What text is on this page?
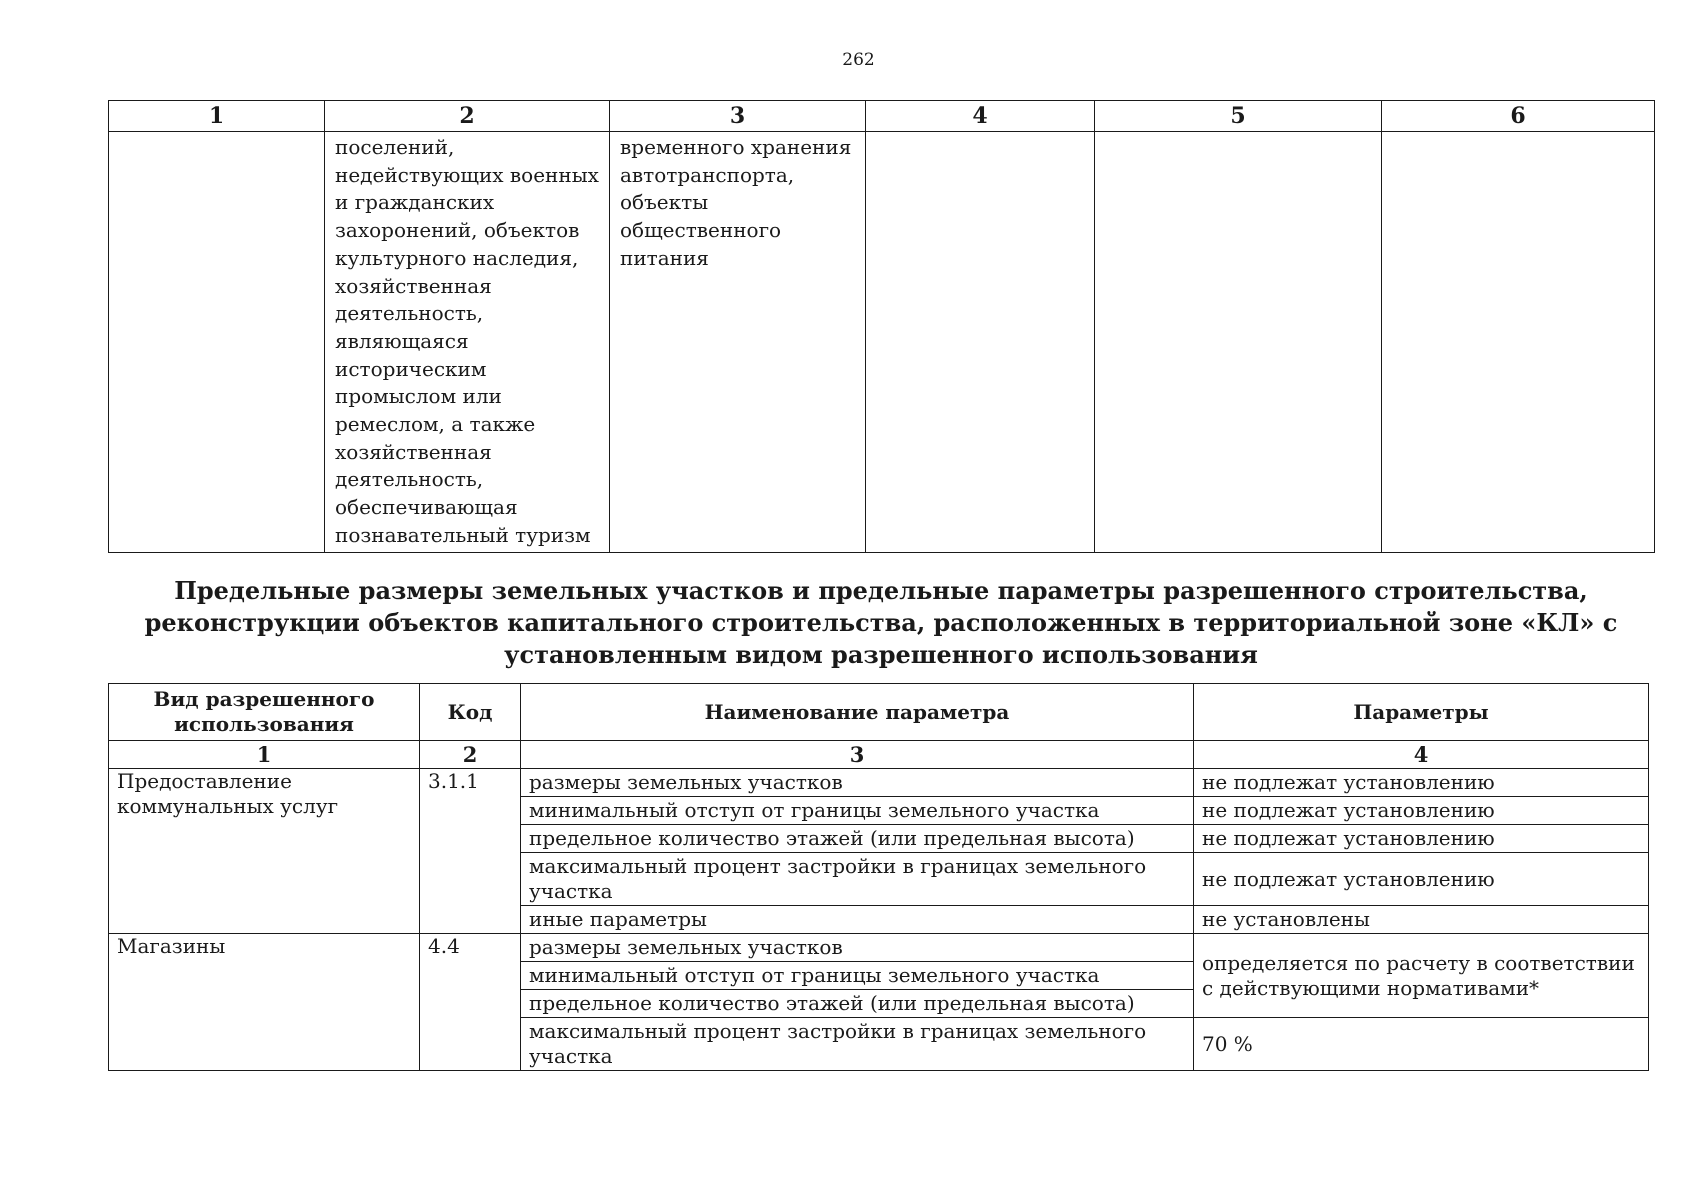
262
1	2	3	4	5	6
	поселений, недействующих военных и гражданских захоронений, объектов культурного наследия, хозяйственная деятельность, являющаяся историческим промыслом или ремеслом, а также хозяйственная деятельность, обеспечивающая познавательный туризм	временного хранения автотранспорта, объекты общественного питания			
Предельные размеры земельных участков и предельные параметры разрешенного строительства, реконструкции объектов капитального строительства, расположенных в территориальной зоне «КЛ» с установленным видом разрешенного использования
Вид разрешенного использования	Код	Наименование параметра	Параметры
1	2	3	4
Предоставление коммунальных услуг	3.1.1	размеры земельных участков	не подлежат установлению
		минимальный отступ от границы земельного участка	не подлежат установлению
		предельное количество этажей (или предельная высота)	не подлежат установлению
		максимальный процент застройки в границах земельного участка	не подлежат установлению
		иные параметры	не установлены
Магазины	4.4	размеры земельных участков	определяется по расчету в соответствии с действующими нормативами*
		минимальный отступ от границы земельного участка	
		предельное количество этажей (или предельная высота)	
		максимальный процент застройки в границах земельного участка	70 %
